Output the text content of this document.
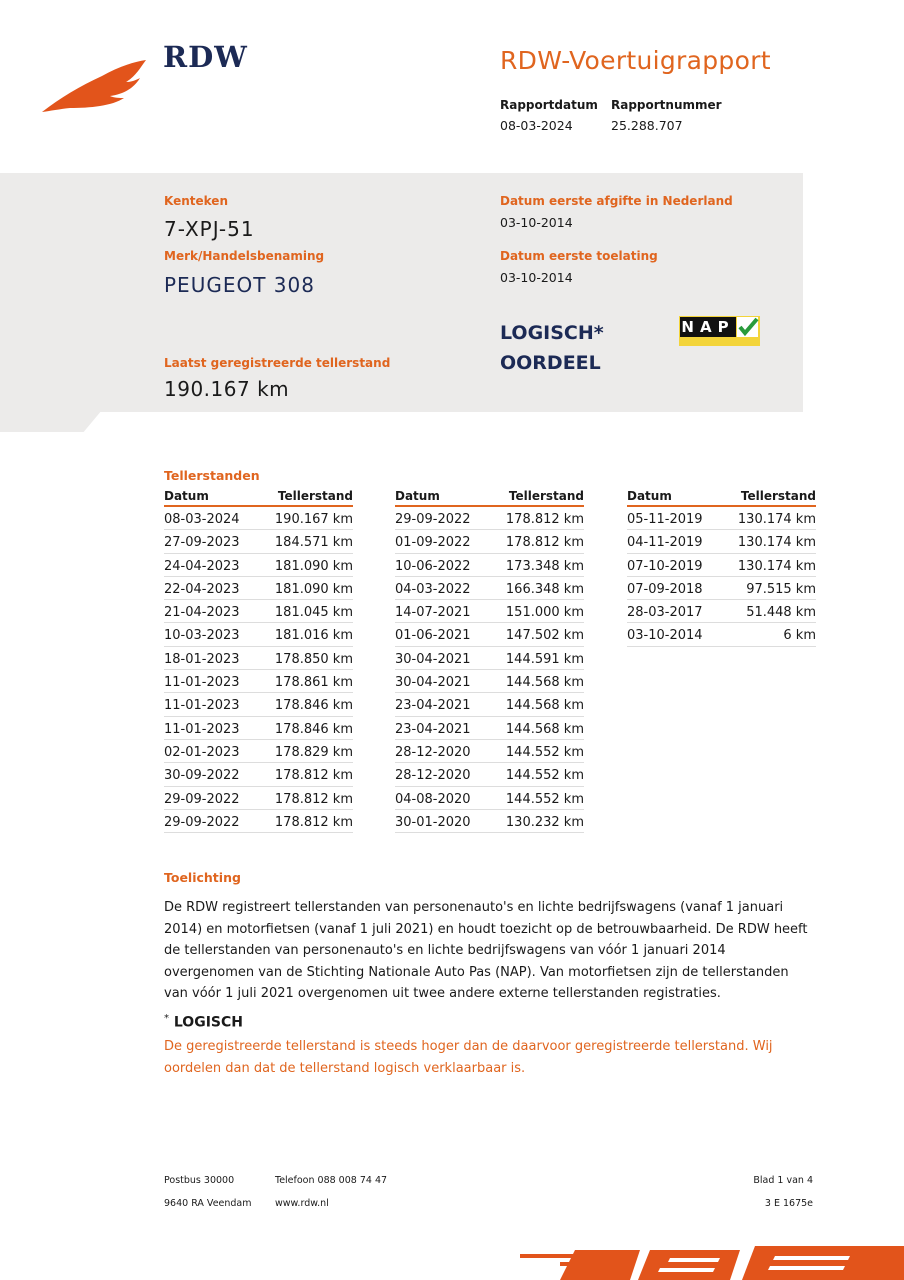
RDW	RDW-Voertuigrapport
Rapportdatum
08-03-2024
Rapportnummer
25.288.707
Kenteken
7-XPJ-51
Merk/Handelsbenaming
PEUGEOT 308
Datum eerste afgifte in Nederland
03-10-2014
Datum eerste toelating
03-10-2014
LOGISCH*
OORDEEL
NAP
Laatst geregistreerde tellerstand
190.167 km
Tellerstanden
Datum	Tellerstand
08-03-2024	190.167 km
27-09-2023	184.571 km
24-04-2023	181.090 km
22-04-2023	181.090 km
21-04-2023	181.045 km
10-03-2023	181.016 km
18-01-2023	178.850 km
11-01-2023	178.861 km
11-01-2023	178.846 km
11-01-2023	178.846 km
02-01-2023	178.829 km
30-09-2022	178.812 km
29-09-2022	178.812 km
29-09-2022	178.812 km
Datum	Tellerstand
29-09-2022	178.812 km
01-09-2022	178.812 km
10-06-2022	173.348 km
04-03-2022	166.348 km
14-07-2021	151.000 km
01-06-2021	147.502 km
30-04-2021	144.591 km
30-04-2021	144.568 km
23-04-2021	144.568 km
23-04-2021	144.568 km
28-12-2020	144.552 km
28-12-2020	144.552 km
04-08-2020	144.552 km
30-01-2020	130.232 km
Datum	Tellerstand
05-11-2019	130.174 km
04-11-2019	130.174 km
07-10-2019	130.174 km
07-09-2018	97.515 km
28-03-2017	51.448 km
03-10-2014	6 km
Toelichting
De RDW registreert tellerstanden van personenauto's en lichte bedrijfswagens (vanaf 1 januari 2014) en motorfietsen (vanaf 1 juli 2021) en houdt toezicht op de betrouwbaarheid. De RDW heeft de tellerstanden van personenauto's en lichte bedrijfswagens van vóór 1 januari 2014 overgenomen van de Stichting Nationale Auto Pas (NAP). Van motorfietsen zijn de tellerstanden van vóór 1 juli 2021 overgenomen uit twee andere externe tellerstanden registraties.
* LOGISCH
De geregistreerde tellerstand is steeds hoger dan de daarvoor geregistreerde tellerstand. Wij oordelen dan dat de tellerstand logisch verklaarbaar is.
Postbus 30000
9640 RA Veendam
Telefoon 088 008 74 47
www.rdw.nl
Blad 1 van 4
3 E 1675e
